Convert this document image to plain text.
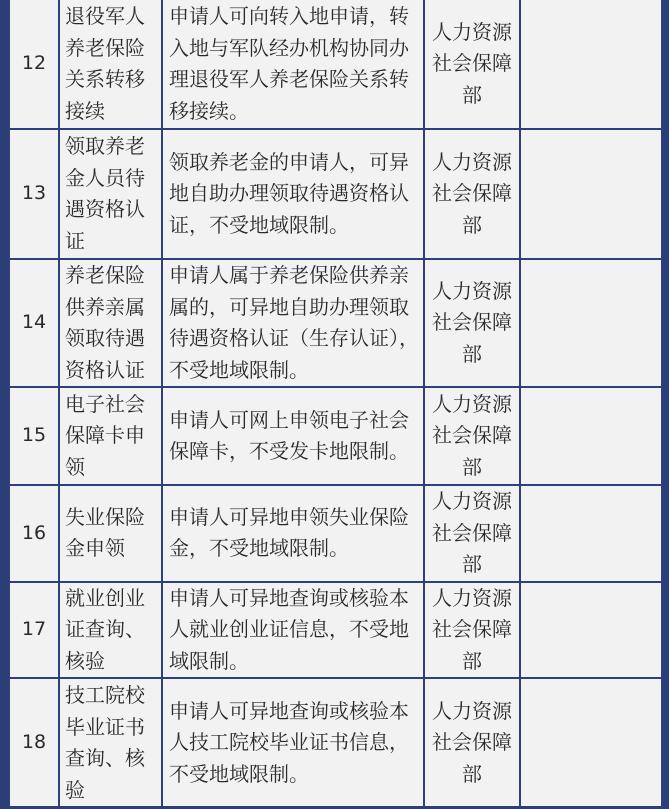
12	退役军人养老保险关系转移接续	申请人可向转入地申请，转入地与军队经办机构协同办理退役军人养老保险关系转移接续。	人力资源社会保障部	
13	领取养老金人员待遇资格认证	领取养老金的申请人，可异地自助办理领取待遇资格认证，不受地域限制。	人力资源社会保障部	
14	养老保险供养亲属领取待遇资格认证	申请人属于养老保险供养亲属的，可异地自助办理领取待遇资格认证（生存认证），不受地域限制。	人力资源社会保障部	
15	电子社会保障卡申领	申请人可网上申领电子社会保障卡，不受发卡地限制。	人力资源社会保障部	
16	失业保险金申领	申请人可异地申领失业保险金，不受地域限制。	人力资源社会保障部	
17	就业创业证查询、核验	申请人可异地查询或核验本人就业创业证信息，不受地域限制。	人力资源社会保障部	
18	技工院校毕业证书查询、核验	申请人可异地查询或核验本人技工院校毕业证书信息，不受地域限制。	人力资源社会保障部	
